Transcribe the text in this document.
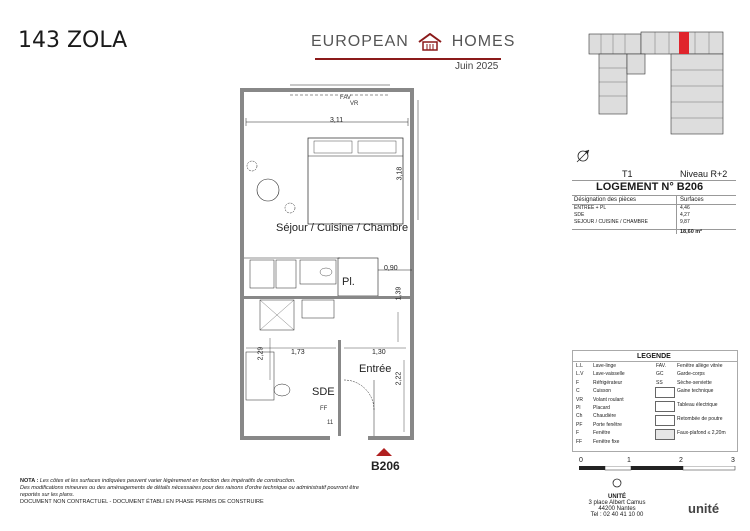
143 ZOLA	EUROPEAN	HOMES
Juin 2025
FAV
VR
3,11
3,18
Séjour / Cuisine / Chambre
0,90
Pl.
1,39
2,29	1,73	1,30
Entrée
2,22
SDE
FF
11
B206
T1	Niveau R+2
LOGEMENT N° B206
Désignation des pièces	Surfaces
ENTREE + PL	4,46
SDE	4,27
SEJOUR / CUISINE / CHAMBRE	9,87
18,60 m²
LEGENDE
L.L Lave-linge
L.V Lave-vaisselle
F	Réfrigérateur
C	Cuisson
VR Volant roulant
Pl	Placard
Ch Chaudière
PF Porte fenêtre
F	Fenêtre
FF Fenêtre fixe
FAV. Fenêtre allège vitrée
GC	Garde-corps
SS	Sèche-serviette
Gaine technique
Tableau électrique
Retombée de poutre
Faux-plafond ≤ 2,20m
0	1	2	3
NOTA : Les côtes et les surfaces indiquées peuvent varier légèrement en fonction des impératifs de construction.
Des modifications mineures ou des aménagements de détails nécessaires pour des raisons d'ordre technique ou administratif pourront être
reportés sur les plans.
DOCUMENT NON CONTRACTUEL - DOCUMENT ÉTABLI EN PHASE PERMIS DE CONSTRUIRE
UNITÉ
3 place Albert Camus
44200 Nantes
Tel : 02 40 41 10 00	unité
